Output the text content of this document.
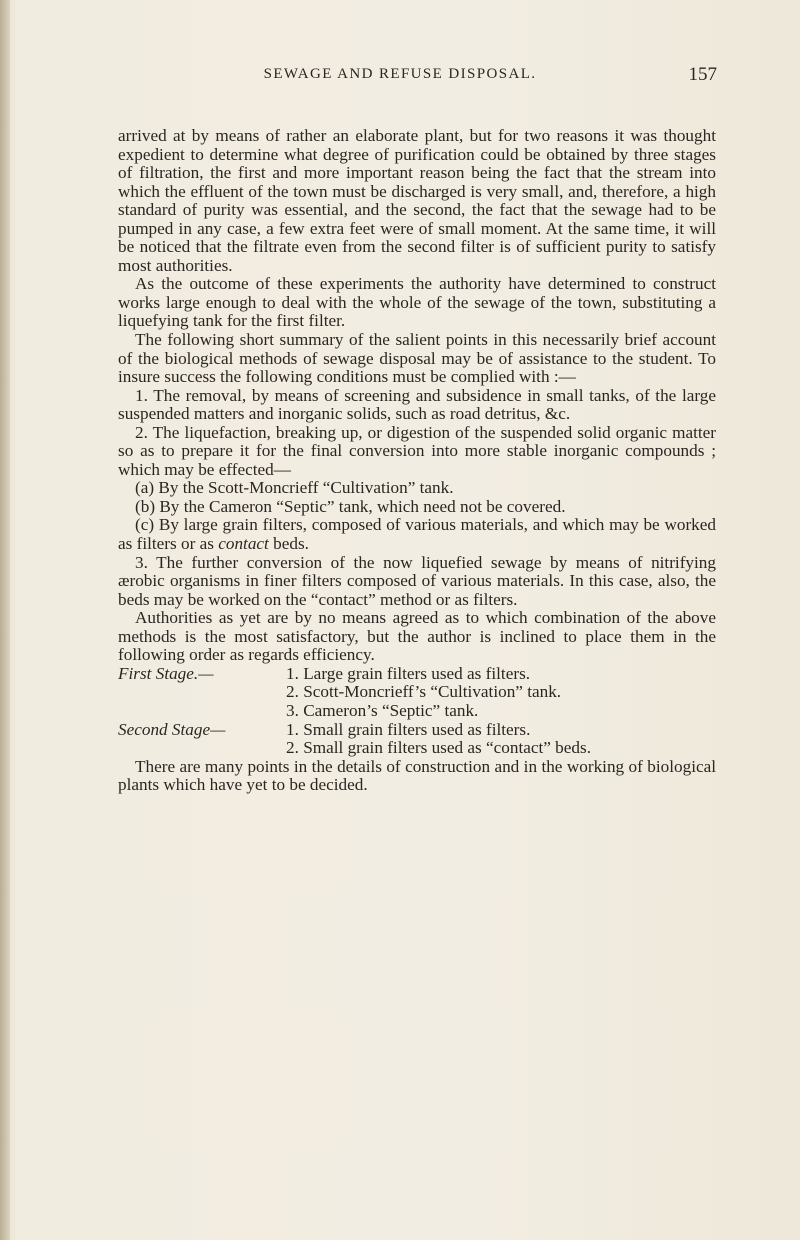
SEWAGE AND REFUSE DISPOSAL.	157

arrived at by means of rather an elaborate plant, but for two reasons it was thought expedient to determine what degree of purification could be obtained by three stages of filtration, the first and more important reason being the fact that the stream into which the effluent of the town must be discharged is very small, and, therefore, a high standard of purity was essential, and the second, the fact that the sewage had to be pumped in any case, a few extra feet were of small moment. At the same time, it will be noticed that the filtrate even from the second filter is of sufficient purity to satisfy most authorities.

As the outcome of these experiments the authority have determined to construct works large enough to deal with the whole of the sewage of the town, substituting a liquefying tank for the first filter.

The following short summary of the salient points in this necessarily brief account of the biological methods of sewage disposal may be of assistance to the student. To insure success the following conditions must be complied with :—

1. The removal, by means of screening and subsidence in small tanks, of the large suspended matters and inorganic solids, such as road detritus, &c.

2. The liquefaction, breaking up, or digestion of the suspended solid organic matter so as to prepare it for the final conversion into more stable inorganic compounds ; which may be effected—

(a) By the Scott-Moncrieff “Cultivation” tank.

(b) By the Cameron “Septic” tank, which need not be covered.

(c) By large grain filters, composed of various materials, and which may be worked as filters or as contact beds.

3. The further conversion of the now liquefied sewage by means of nitrifying ærobic organisms in finer filters composed of various materials. In this case, also, the beds may be worked on the “contact” method or as filters.

Authorities as yet are by no means agreed as to which combination of the above methods is the most satisfactory, but the author is inclined to place them in the following order as regards efficiency.

First Stage.—	1. Large grain filters used as filters.
2. Scott-Moncrieff’s “Cultivation” tank.
3. Cameron’s “Septic” tank.
Second Stage—	1. Small grain filters used as filters.
2. Small grain filters used as “contact” beds.

There are many points in the details of construction and in the working of biological plants which have yet to be decided.
